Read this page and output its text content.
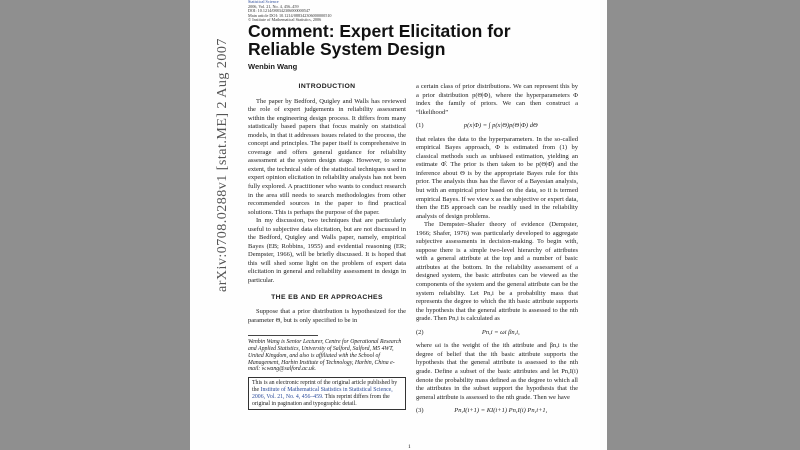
arXiv:0708.0288v1 [stat.ME] 2 Aug 2007
Statistical Science
2006, Vol. 21, No. 4, 456–459
DOI: 10.1214/088342306000000547
Main article DOI: 10.1214/088342306000000510
© Institute of Mathematical Statistics, 2006
Comment: Expert Elicitation for Reliable System Design
Wenbin Wang
INTRODUCTION

The paper by Bedford, Quigley and Walls has reviewed the role of expert judgements in reliability assessment within the engineering design process. It differs from many statistically based papers that focus mainly on statistical models, in that it addresses issues related to the process, the concept and principles. The paper itself is comprehensive in coverage and offers general guidance for reliability assessment at the system design stage. However, to some extent, the technical side of the statistical techniques used in expert opinion elicitation in reliability analysis has not been fully explored. A practitioner who wants to conduct research in the area still needs to search methodologies from other recommended sources in the paper to find practical solutions. This is perhaps the purpose of the paper.

In my discussion, two techniques that are particularly useful to subjective data elicitation, but are not discussed in the Bedford, Quigley and Walls paper, namely, empirical Bayes (EB; Robbins, 1955) and evidential reasoning (ER; Dempster, 1966), will be briefly discussed. It is hoped that this will shed some light on the problem of expert data elicitation in general and reliability assessment in design in particular.

THE EB AND ER APPROACHES

Suppose that a prior distribution is hypothesized for the parameter Θ, but is only specified to be in

Wenbin Wang is Senior Lecturer, Centre for Operational Research and Applied Statistics, University of Salford, Salford, M5 4WT, United Kingdom, and also is affiliated with the School of Management, Harbin Institute of Technology, Harbin, China e-mail: w.wang@salford.ac.uk.
This is an electronic reprint of the original article published by the Institute of Mathematical Statistics in Statistical Science, 2006, Vol. 21, No. 4, 456–459. This reprint differs from the original in pagination and typographic detail.

a certain class of prior distributions. We can represent this by a prior distribution p(Θ|Φ), where the hyperparameters Φ index the family of priors. We can then construct a “likelihood”

(1)	p(x|Φ) = ∫ p(x|Θ)p(Θ|Φ) dΘ

that relates the data to the hyperparameters. In the so-called empirical Bayes approach, Φ is estimated from (1) by classical methods such as unbiased estimation, yielding an estimate Φ̂. The prior is then taken to be p(Θ|Φ̂) and the inference about Θ is by the appropriate Bayes rule for this prior. The analysis thus has the flavor of a Bayesian analysis, but with an empirical prior based on the data, so it is termed empirical Bayes. If we view x as the subjective or expert data, then the EB approach can be readily used in the reliability analysis of design problems.

The Dempster–Shafer theory of evidence (Dempster, 1966; Shafer, 1976) was particularly developed to aggregate subjective assessments in decision-making. To begin with, suppose there is a simple two-level hierarchy of attributes with a general attribute at the top and a number of basic attributes at the bottom. In the reliability assessment of a designed system, the basic attributes can be viewed as the components of the system and the general attribute can be the system reliability. Let Pn,i be a probability mass that represents the degree to which the ith basic attribute supports the hypothesis that the general attribute is assessed to the nth grade. Then Pn,i is calculated as

(2)	Pn,i = ωi βn,i,

where ωi is the weight of the ith attribute and βn,i is the degree of belief that the ith basic attribute supports the hypothesis that the general attribute is assessed to the nth grade. Define a subset of the basic attributes and let Pn,I(i) denote the probability mass defined as the degree to which all the attributes in the subset support the hypothesis that the general attribute is assessed to the nth grade. Then we have

(3)	Pn,I(i+1) = KI(i+1) Pn,I(i) Pn,i+1,
1
